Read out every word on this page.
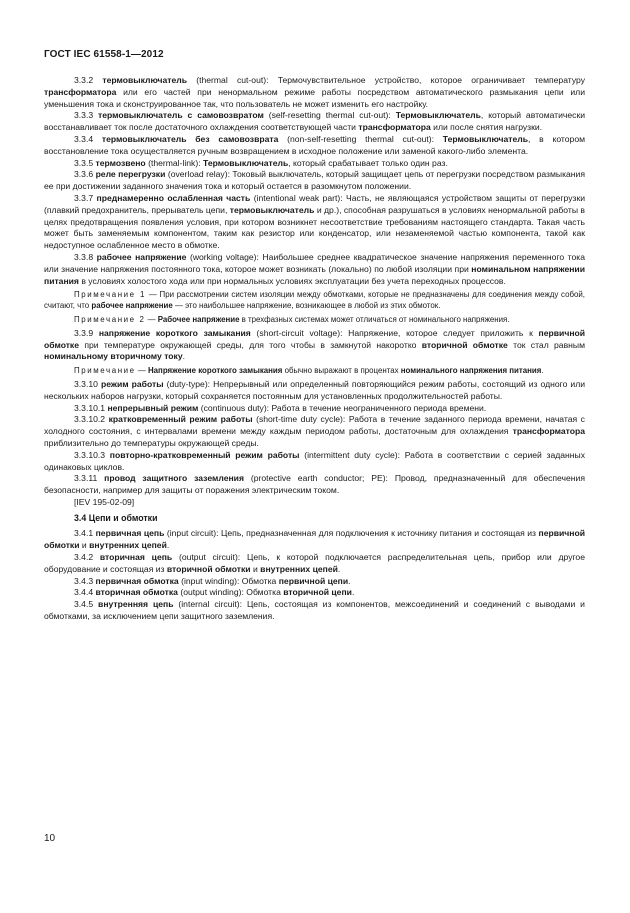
ГОСТ IEC 61558-1—2012

3.3.2 термовыключатель (thermal cut-out): Термочувствительное устройство, которое ограничивает температуру трансформатора или его частей при ненормальном режиме работы посредством автоматического размыкания цепи или уменьшения тока и сконструированное так, что пользователь не может изменить его настройку.

3.3.3 термовыключатель с самовозвратом (self-resetting thermal cut-out): Термовыключатель, который автоматически восстанавливает ток после достаточного охлаждения соответствующей части трансформатора или после снятия нагрузки.

3.3.4 термовыключатель без самовозврата (non-self-resetting thermal cut-out): Термовыключатель, в котором восстановление тока осуществляется ручным возвращением в исходное положение или заменой какого-либо элемента.

3.3.5 термозвено (thermal-link): Термовыключатель, который срабатывает только один раз.

3.3.6 реле перегрузки (overload relay): Токовый выключатель, который защищает цепь от перегрузки посредством размыкания ее при достижении заданного значения тока и который остается в разомкнутом положении.

3.3.7 преднамеренно ослабленная часть (intentional weak part): Часть, не являющаяся устройством защиты от перегрузки (плавкий предохранитель, прерыватель цепи, термовыключатель и др.), способная разрушаться в условиях ненормальной работы в целях предотвращения появления условия, при котором возникнет несоответствие требованиям настоящего стандарта. Такая часть может быть заменяемым компонентом, таким как резистор или конденсатор, или незаменяемой частью компонента, такой как недоступное ослабленное место в обмотке.

3.3.8 рабочее напряжение (working voltage): Наибольшее среднее квадратическое значение напряжения переменного тока или значение напряжения постоянного тока, которое может возникать (локально) по любой изоляции при номинальном напряжении питания в условиях холостого хода или при нормальных условиях эксплуатации без учета переходных процессов.

Примечание 1 — При рассмотрении систем изоляции между обмотками, которые не предназначены для соединения между собой, считают, что рабочее напряжение — это наибольшее напряжение, возникающее в любой из этих обмоток.

Примечание 2 — Рабочее напряжение в трехфазных системах может отличаться от номинального напряжения.

3.3.9 напряжение короткого замыкания (short-circuit voltage): Напряжение, которое следует приложить к первичной обмотке при температуре окружающей среды, для того чтобы в замкнутой накоротко вторичной обмотке ток стал равным номинальному вторичному току.

Примечание — Напряжение короткого замыкания обычно выражают в процентах номинального напряжения питания.

3.3.10 режим работы (duty-type): Непрерывный или определенный повторяющийся режим работы, состоящий из одного или нескольких наборов нагрузки, который сохраняется постоянным для установленных продолжительностей работы.

3.3.10.1 непрерывный режим (continuous duty): Работа в течение неограниченного периода времени.

3.3.10.2 кратковременный режим работы (short-time duty cycle): Работа в течение заданного периода времени, начатая с холодного состояния, с интервалами времени между каждым периодом работы, достаточным для охлаждения трансформатора приблизительно до температуры окружающей среды.

3.3.10.3 повторно-кратковременный режим работы (intermittent duty cycle): Работа в соответствии с серией заданных одинаковых циклов.

3.3.11 провод защитного заземления (protective earth conductor; PE): Провод, предназначенный для обеспечения безопасности, например для защиты от поражения электрическим током.

[IEV 195-02-09]

3.4 Цепи и обмотки

3.4.1 первичная цепь (input circuit): Цепь, предназначенная для подключения к источнику питания и состоящая из первичной обмотки и внутренних цепей.

3.4.2 вторичная цепь (output circuit): Цепь, к которой подключается распределительная цепь, прибор или другое оборудование и состоящая из вторичной обмотки и внутренних цепей.

3.4.3 первичная обмотка (input winding): Обмотка первичной цепи.

3.4.4 вторичная обмотка (output winding): Обмотка вторичной цепи.

3.4.5 внутренняя цепь (internal circuit): Цепь, состоящая из компонентов, межсоединений и соединений с выводами и обмотками, за исключением цепи защитного заземления.

10
